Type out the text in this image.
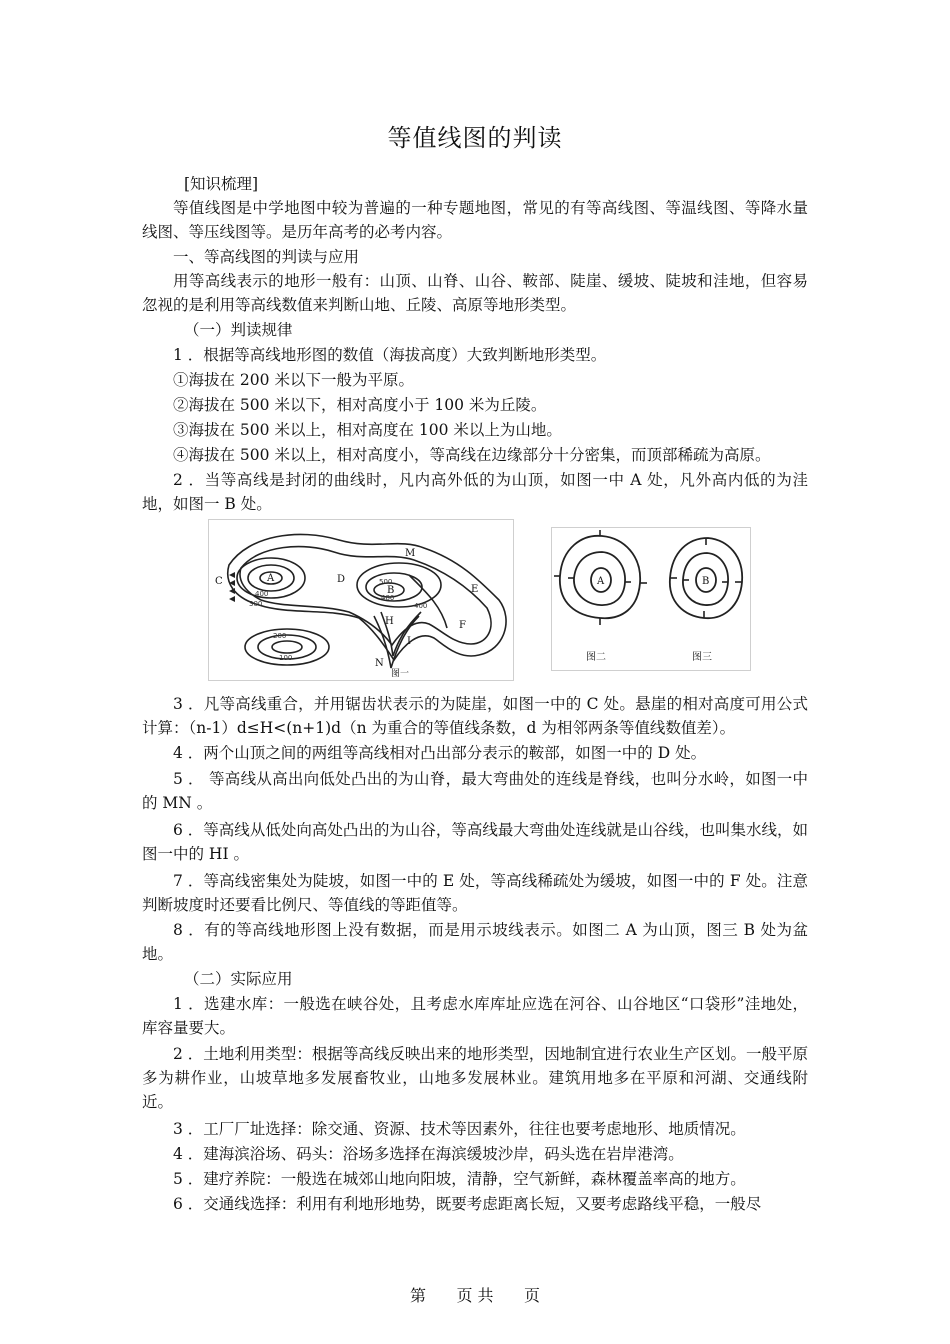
等值线图的判读

[知识梳理]

等值线图是中学地图中较为普遍的一种专题地图，常见的有等高线图、等温线图、等降水量线图、等压线图等。是历年高考的必考内容。

一、等高线图的判读与应用

用等高线表示的地形一般有：山顶、山脊、山谷、鞍部、陡崖、缓坡、陡坡和洼地，但容易忽视的是利用等高线数值来判断山地、丘陵、高原等地形类型。

（一）判读规律

1 ．根据等高线地形图的数值（海拔高度）大致判断地形类型。

①海拔在 200 米以下一般为平原。

②海拔在 500 米以下，相对高度小于 100 米为丘陵。

③海拔在 500 米以上，相对高度在 100 米以上为山地。

④海拔在 500 米以上，相对高度小，等高线在边缘部分十分密集，而顶部稀疏为高原。

2 ．当等高线是封闭的曲线时，凡内高外低的为山顶，如图一中 A 处，凡外高内低的为洼地，如图一 B 处。

C	A
B
D
E
F
M
N
H
I
400
300
200
100
500
480
400
图一
A	B
图二	图三

3 ．凡等高线重合，并用锯齿状表示的为陡崖，如图一中的 C 处。悬崖的相对高度可用公式计算：（n-1）d≤H<(n+1)d（n 为重合的等值线条数，d 为相邻两条等值线数值差）。

4 ．两个山顶之间的两组等高线相对凸出部分表示的鞍部，如图一中的 D 处。

5 ． 等高线从高出向低处凸出的为山脊，最大弯曲处的连线是脊线，也叫分水岭，如图一中的 MN 。

6 ．等高线从低处向高处凸出的为山谷，等高线最大弯曲处连线就是山谷线，也叫集水线，如图一中的 HI 。

7 ．等高线密集处为陡坡，如图一中的 E 处，等高线稀疏处为缓坡，如图一中的 F 处。注意判断坡度时还要看比例尺、等值线的等距值等。

8 ．有的等高线地形图上没有数据，而是用示坡线表示。如图二 A 为山顶，图三 B 处为盆地。

（二）实际应用

1 ．选建水库：一般选在峡谷处，且考虑水库库址应选在河谷、山谷地区“口袋形”洼地处，库容量要大。

2 ．土地利用类型：根据等高线反映出来的地形类型，因地制宜进行农业生产区划。一般平原多为耕作业，山坡草地多发展畜牧业，山地多发展林业。建筑用地多在平原和河湖、交通线附近。

3 ．工厂厂址选择：除交通、资源、技术等因素外，往往也要考虑地形、地质情况。

4 ．建海滨浴场、码头：浴场多选择在海滨缓坡沙岸，码头选在岩岸港湾。

5 ．建疗养院：一般选在城郊山地向阳坡，清静，空气新鲜，森林覆盖率高的地方。

6 ．交通线选择：利用有利地形地势，既要考虑距离长短，又要考虑路线平稳，一般尽

第      页 共      页
